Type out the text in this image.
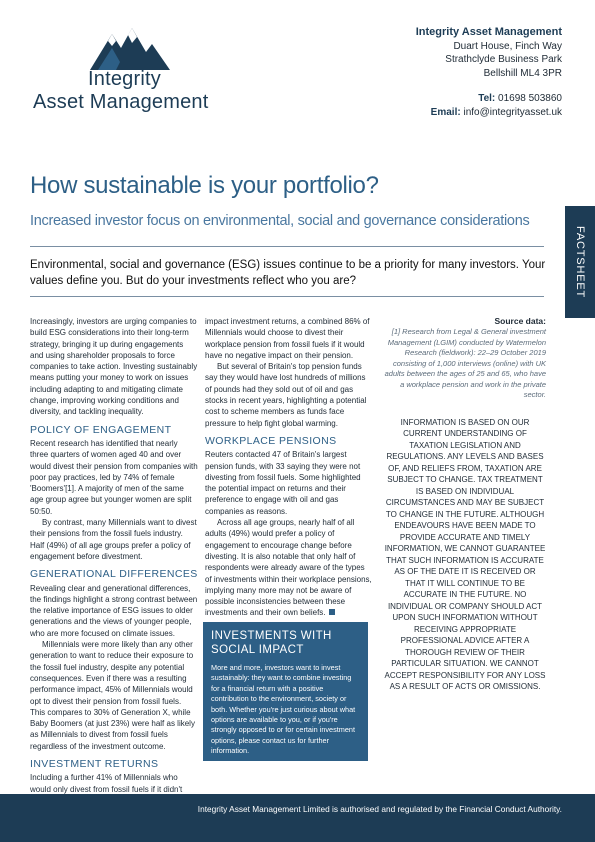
Integrity
Asset Management
Integrity Asset Management
Duart House, Finch Way
Strathclyde Business Park
Bellshill ML4 3PR
Tel: 01698 503860
Email: info@integrityasset.uk
How sustainable is your portfolio?
Increased investor focus on environmental, social and governance considerations
FACTSHEET
Environmental, social and governance (ESG) issues continue to be a priority for many investors. Your values define you. But do your investments reflect who you are?

Increasingly, investors are urging companies to build ESG considerations into their long-term strategy, bringing it up during engagements and using shareholder proposals to force companies to take action. Investing sustainably means putting your money to work on issues including adapting to and mitigating climate change, improving working conditions and diversity, and tackling inequality.

POLICY OF ENGAGEMENT

Recent research has identified that nearly three quarters of women aged 40 and over would divest their pension from companies with poor pay practices, led by 74% of female 'Boomers'[1]. A majority of men of the same age group agree but younger women are split 50:50.

By contrast, many Millennials want to divest their pensions from the fossil fuels industry. Half (49%) of all age groups prefer a policy of engagement before divestment.

GENERATIONAL DIFFERENCES

Revealing clear and generational differences, the findings highlight a strong contrast between the relative importance of ESG issues to older generations and the views of younger people, who are more focused on climate issues.

Millennials were more likely than any other generation to want to reduce their exposure to the fossil fuel industry, despite any potential consequences. Even if there was a resulting performance impact, 45% of Millennials would opt to divest their pension from fossil fuels. This compares to 30% of Generation X, while Baby Boomers (at just 23%) were half as likely as Millennials to divest from fossil fuels regardless of the investment outcome.

INVESTMENT RETURNS

Including a further 41% of Millennials who would only divest from fossil fuels if it didn't

impact investment returns, a combined 86% of Millennials would choose to divest their workplace pension from fossil fuels if it would have no negative impact on their pension.

But several of Britain's top pension funds say they would have lost hundreds of millions of pounds had they sold out of oil and gas stocks in recent years, highlighting a potential cost to scheme members as funds face pressure to help fight global warming.

WORKPLACE PENSIONS

Reuters contacted 47 of Britain's largest pension funds, with 33 saying they were not divesting from fossil fuels. Some highlighted the potential impact on returns and their preference to engage with oil and gas companies as reasons.

Across all age groups, nearly half of all adults (49%) would prefer a policy of engagement to encourage change before divesting. It is also notable that only half of respondents were already aware of the types of investments within their workplace pensions, implying many more may not be aware of possible inconsistencies between these investments and their own beliefs.

INVESTMENTS WITH SOCIAL IMPACT

More and more, investors want to invest sustainably: they want to combine investing for a financial return with a positive contribution to the environment, society or both. Whether you're just curious about what options are available to you, or if you're strongly opposed to or for certain investment options, please contact us for further information.

Source data:
[1] Research from Legal & General investment Management (LGIM) conducted by Watermelon Research (fieldwork): 22–29 October 2019 consisting of 1,000 interviews (online) with UK adults between the ages of 25 and 65, who have a workplace pension and work in the private sector.
INFORMATION IS BASED ON OUR CURRENT UNDERSTANDING OF TAXATION LEGISLATION AND REGULATIONS. ANY LEVELS AND BASES OF, AND RELIEFS FROM, TAXATION ARE SUBJECT TO CHANGE. TAX TREATMENT IS BASED ON INDIVIDUAL CIRCUMSTANCES AND MAY BE SUBJECT TO CHANGE IN THE FUTURE. ALTHOUGH ENDEAVOURS HAVE BEEN MADE TO PROVIDE ACCURATE AND TIMELY INFORMATION, WE CANNOT GUARANTEE THAT SUCH INFORMATION IS ACCURATE AS OF THE DATE IT IS RECEIVED OR THAT IT WILL CONTINUE TO BE ACCURATE IN THE FUTURE. NO INDIVIDUAL OR COMPANY SHOULD ACT UPON SUCH INFORMATION WITHOUT RECEIVING APPROPRIATE PROFESSIONAL ADVICE AFTER A THOROUGH REVIEW OF THEIR PARTICULAR SITUATION. WE CANNOT ACCEPT RESPONSIBILITY FOR ANY LOSS AS A RESULT OF ACTS OR OMISSIONS.
Integrity Asset Management Limited is authorised and regulated by the Financial Conduct Authority.
